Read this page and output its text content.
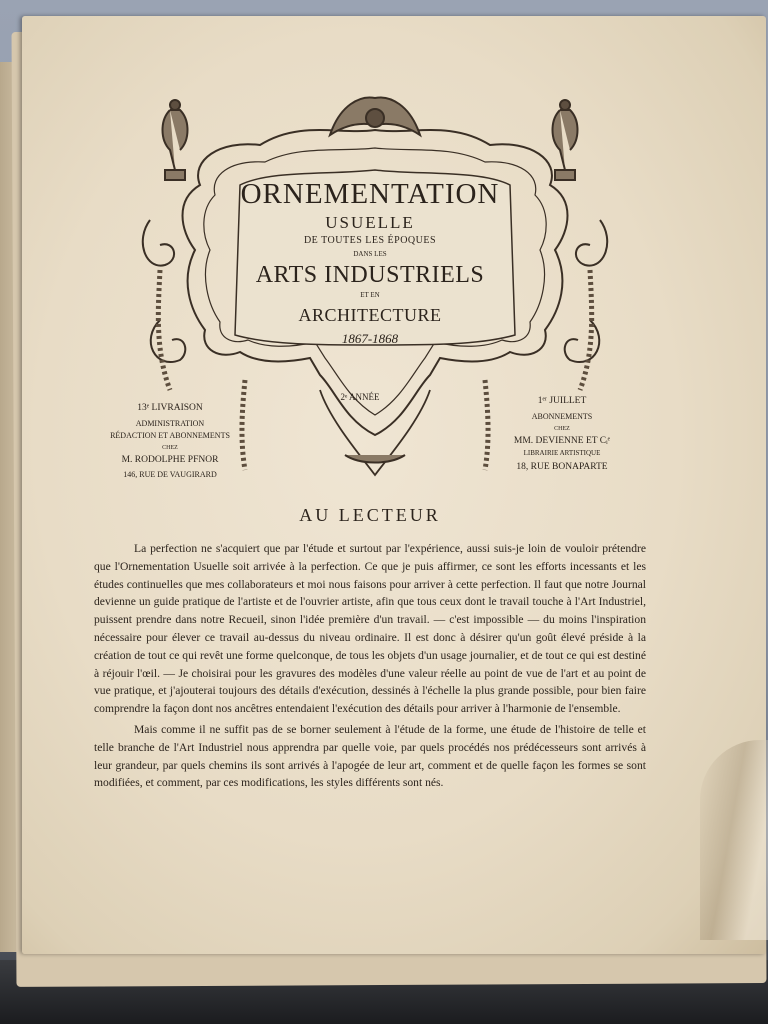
ORNEMENTATION
USUELLE
DE TOUTES LES ÉPOQUES
DANS LES
ARTS INDUSTRIELS
ET EN
ARCHITECTURE
1867-1868
13ᵉ LIVRAISON
ADMINISTRATION
RÉDACTION ET ABONNEMENTS
CHEZ
M. RODOLPHE PFNOR
146, RUE DE VAUGIRARD
2ᵉ ANNÉE	1ᵉʳ JUILLET
ABONNEMENTS
CHEZ
MM. DEVIENNE ET Cᵢᵉ
LIBRAIRIE ARTISTIQUE
18, RUE BONAPARTE
AU LECTEUR

La perfection ne s'acquiert que par l'étude et surtout par l'expérience, aussi suis-je loin de vouloir prétendre que l'Ornementation Usuelle soit arrivée à la perfection. Ce que je puis affirmer, ce sont les efforts incessants et les études continuelles que mes collaborateurs et moi nous faisons pour arriver à cette perfection. Il faut que notre Journal devienne un guide pratique de l'artiste et de l'ouvrier artiste, afin que tous ceux dont le travail touche à l'Art Industriel, puissent prendre dans notre Recueil, sinon l'idée première d'un travail. — c'est impossible — du moins l'inspiration nécessaire pour élever ce travail au-dessus du niveau ordinaire. Il est donc à désirer qu'un goût élevé préside à la création de tout ce qui revêt une forme quelconque, de tous les objets d'un usage journalier, et de tout ce qui est destiné à réjouir l'œil. — Je choisirai pour les gravures des modèles d'une valeur réelle au point de vue de l'art et au point de vue pratique, et j'ajouterai toujours des détails d'exécution, dessinés à l'échelle la plus grande possible, pour bien faire comprendre la façon dont nos ancêtres entendaient l'exécution des détails pour arriver à l'harmonie de l'ensemble.

Mais comme il ne suffit pas de se borner seulement à l'étude de la forme, une étude de l'histoire de telle et telle branche de l'Art Industriel nous apprendra par quelle voie, par quels procédés nos prédécesseurs sont arrivés à leur grandeur, par quels chemins ils sont arrivés à l'apogée de leur art, comment et de quelle façon les formes se sont modifiées, et comment, par ces modifications, les styles différents sont nés.
